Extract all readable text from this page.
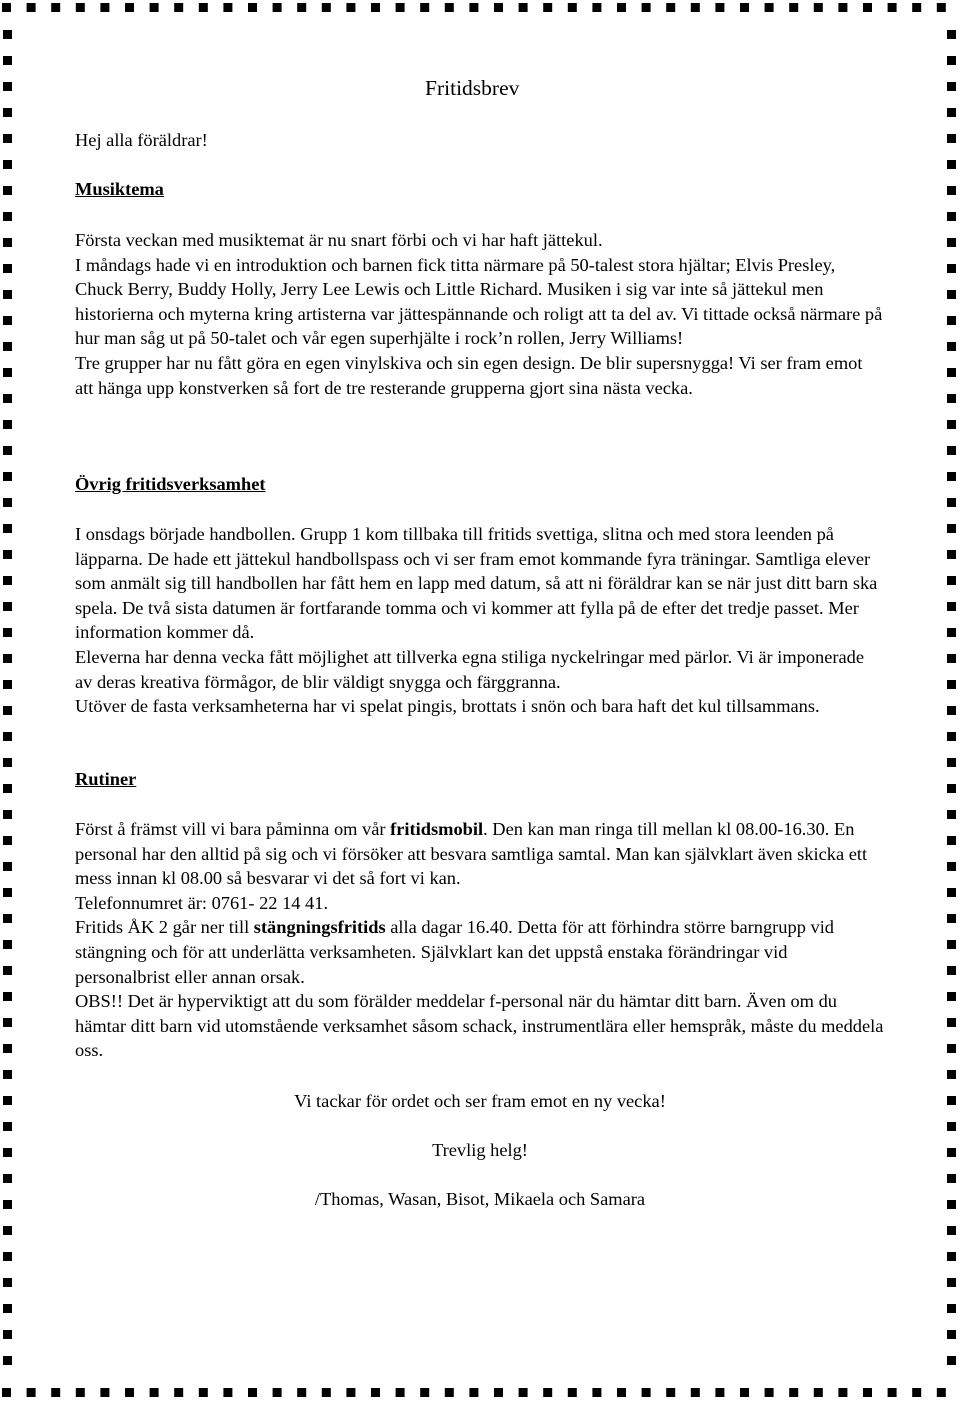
Fritidsbrev
Hej alla föräldrar!
Musiktema

Första veckan med musiktemat är nu snart förbi och vi har haft jättekul.

I måndags hade vi en introduktion och barnen fick titta närmare på 50-talest stora hjältar; Elvis Presley, Chuck Berry, Buddy Holly, Jerry Lee Lewis och Little Richard. Musiken i sig var inte så jättekul men historierna och myterna kring artisterna var jättespännande och roligt att ta del av. Vi tittade också närmare på hur man såg ut på 50-talet och vår egen superhjälte i rock’n rollen, Jerry Williams!

Tre grupper har nu fått göra en egen vinylskiva och sin egen design. De blir supersnygga! Vi ser fram emot att hänga upp konstverken så fort de tre resterande grupperna gjort sina nästa vecka.

Övrig fritidsverksamhet

I onsdags började handbollen. Grupp 1 kom tillbaka till fritids svettiga, slitna och med stora leenden på läpparna. De hade ett jättekul handbollspass och vi ser fram emot kommande fyra träningar. Samtliga elever som anmält sig till handbollen har fått hem en lapp med datum, så att ni föräldrar kan se när just ditt barn ska spela. De två sista datumen är fortfarande tomma och vi kommer att fylla på de efter det tredje passet. Mer information kommer då.

Eleverna har denna vecka fått möjlighet att tillverka egna stiliga nyckelringar med pärlor. Vi är imponerade av deras kreativa förmågor, de blir väldigt snygga och färggranna.

Utöver de fasta verksamheterna har vi spelat pingis, brottats i snön och bara haft det kul tillsammans.

Rutiner

Först å främst vill vi bara påminna om vår fritidsmobil. Den kan man ringa till mellan kl 08.00-16.30. En personal har den alltid på sig och vi försöker att besvara samtliga samtal. Man kan självklart även skicka ett mess innan kl 08.00 så besvarar vi det så fort vi kan.

Telefonnumret är: 0761- 22 14 41.

Fritids ÅK 2 går ner till stängningsfritids alla dagar 16.40. Detta för att förhindra större barngrupp vid stängning och för att underlätta verksamheten. Självklart kan det uppstå enstaka förändringar vid personalbrist eller annan orsak.

OBS!! Det är hyperviktigt att du som förälder meddelar f-personal när du hämtar ditt barn. Även om du hämtar ditt barn vid utomstående verksamhet såsom schack, instrumentlära eller hemspråk, måste du meddela oss.

Vi tackar för ordet och ser fram emot en ny vecka!
Trevlig helg!
/Thomas, Wasan, Bisot, Mikaela och Samara
